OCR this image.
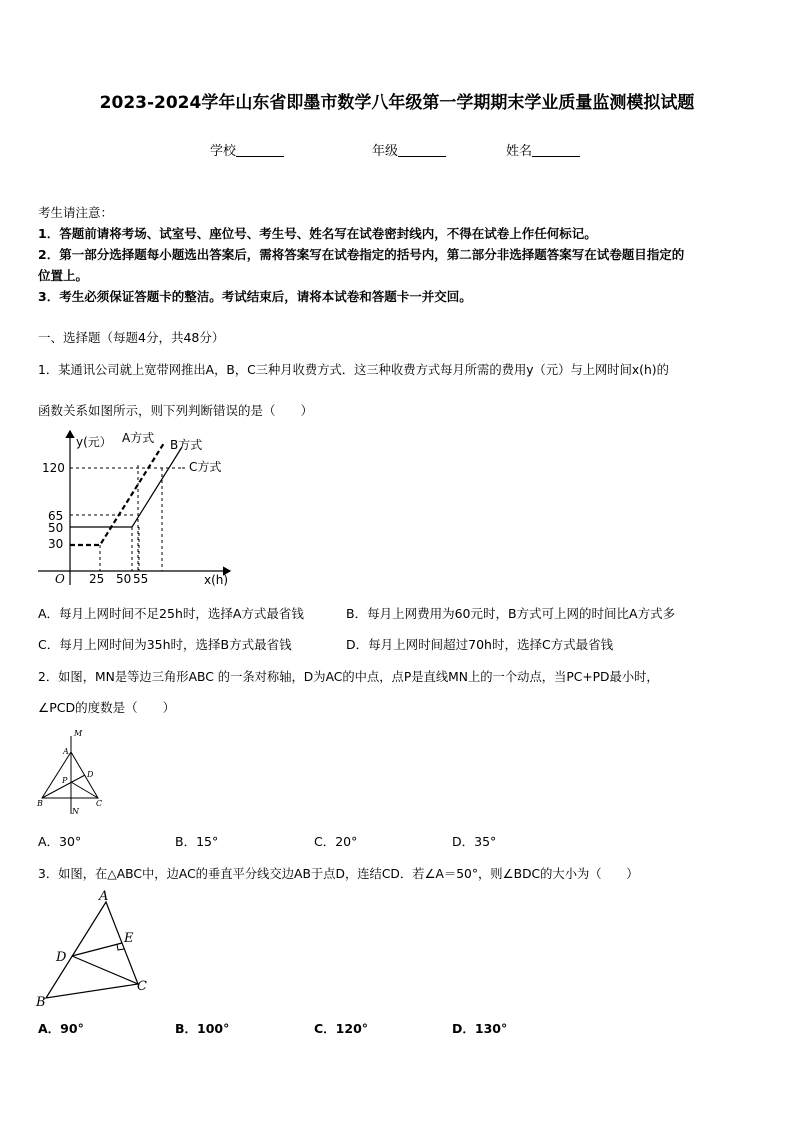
2023-2024学年山东省即墨市数学八年级第一学期期末学业质量监测模拟试题
学校	年级	姓名
考生请注意：
1．答题前请将考场、试室号、座位号、考生号、姓名写在试卷密封线内，不得在试卷上作任何标记。
2．第一部分选择题每小题选出答案后，需将答案写在试卷指定的括号内，第二部分非选择题答案写在试卷题目指定的
位置上。
3．考生必须保证答题卡的整洁。考试结束后，请将本试卷和答题卡一并交回。
一、选择题（每题4分，共48分）
1．某通讯公司就上宽带网推出A，B，C三种月收费方式．这三种收费方式每月所需的费用y（元）与上网时间x(h)的
函数关系如图所示，则下列判断错误的是（　　）
y(元）
x(h)
O
120
65
50
30
25 50 55
A方式 B方式
C方式
A．每月上网时间不足25h时，选择A方式最省钱	B．每月上网费用为60元时，B方式可上网的时间比A方式多
C．每月上网时间为35h时，选择B方式最省钱	D．每月上网时间超过70h时，选择C方式最省钱
2．如图，MN是等边三角形ABC 的一条对称轴，D为AC的中点，点P是直线MN上的一个动点，当PC+PD最小时，
∠PCD的度数是（　　）
M
A
P
D
B
N
C
A．30°	B．15°	C．20°	D．35°
3．如图，在△ABC中，边AC的垂直平分线交边AB于点D，连结CD．若∠A＝50°，则∠BDC的大小为（　　）
A
E
D
B
C
A．90°	B．100°	C．120°	D．130°
